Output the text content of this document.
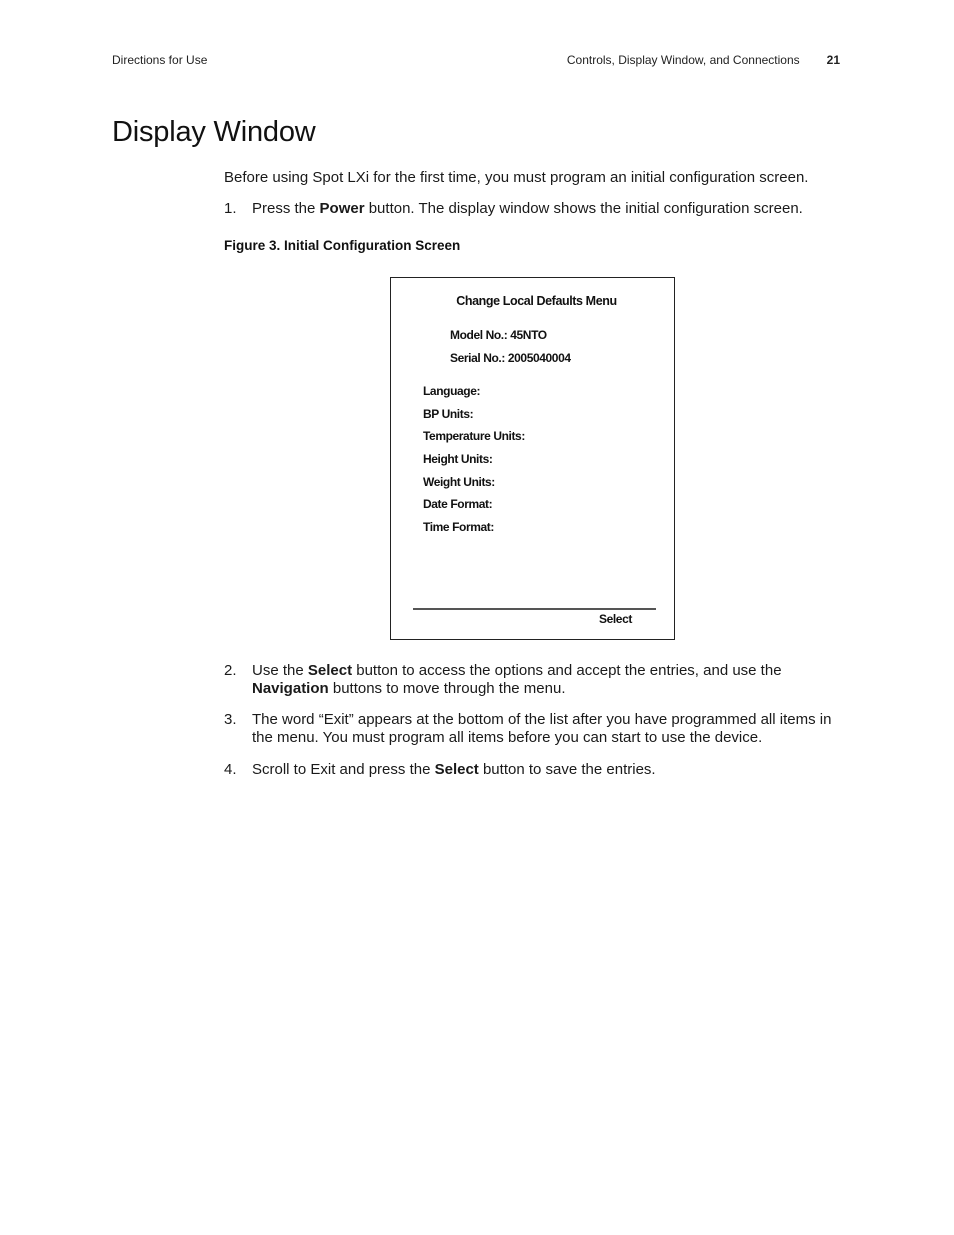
Directions for Use	Controls, Display Window, and Connections 21
Display Window
Before using Spot LXi for the first time, you must program an initial configuration screen.
1.	Press the Power button. The display window shows the initial configuration screen.
Figure 3. Initial Configuration Screen
Change Local Defaults Menu
Model No.: 45NTO
Serial No.: 2005040004
Language:
BP Units:
Temperature Units:
Height Units:
Weight Units:
Date Format:
Time Format:
Select
2.	Use the Select button to access the options and accept the entries, and use the Navigation buttons to move through the menu.
3.	The word “Exit” appears at the bottom of the list after you have programmed all items in the menu. You must program all items before you can start to use the device.
4.	Scroll to Exit and press the Select button to save the entries.
